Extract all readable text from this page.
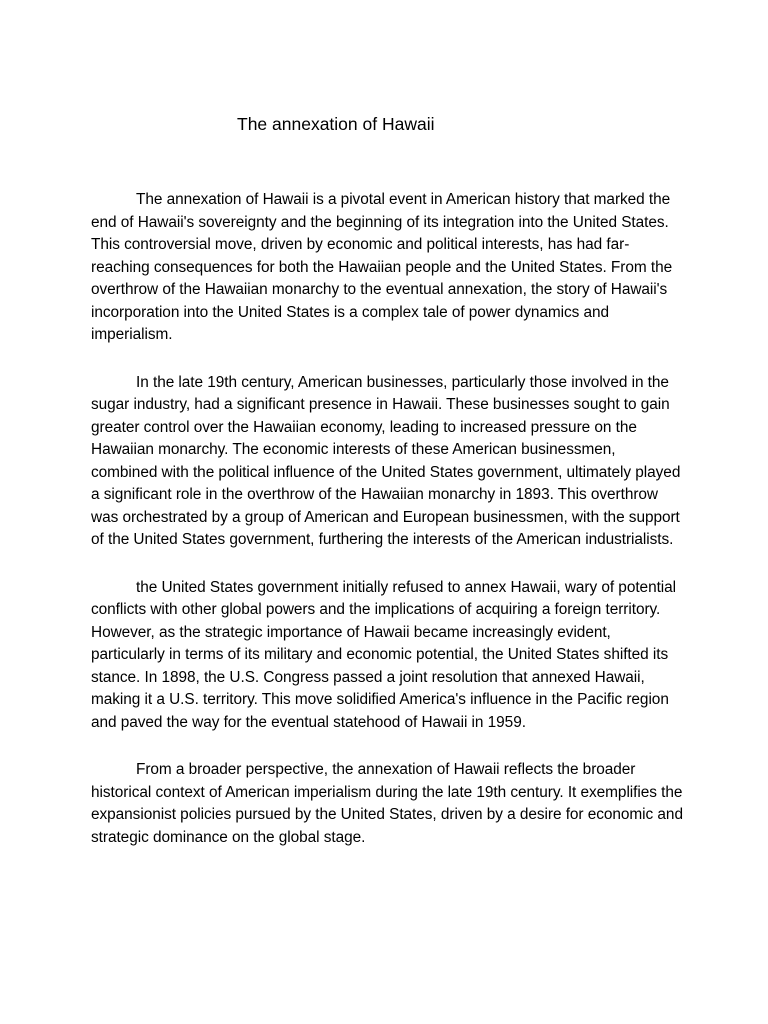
The annexation of Hawaii

The annexation of Hawaii is a pivotal event in American history that marked the end of Hawaii's sovereignty and the beginning of its integration into the United States. This controversial move, driven by economic and political interests, has had far-reaching consequences for both the Hawaiian people and the United States. From the overthrow of the Hawaiian monarchy to the eventual annexation, the story of Hawaii's incorporation into the United States is a complex tale of power dynamics and imperialism.

In the late 19th century, American businesses, particularly those involved in the sugar industry, had a significant presence in Hawaii. These businesses sought to gain greater control over the Hawaiian economy, leading to increased pressure on the Hawaiian monarchy. The economic interests of these American businessmen, combined with the political influence of the United States government, ultimately played a significant role in the overthrow of the Hawaiian monarchy in 1893. This overthrow was orchestrated by a group of American and European businessmen, with the support of the United States government, furthering the interests of the American industrialists.

the United States government initially refused to annex Hawaii, wary of potential conflicts with other global powers and the implications of acquiring a foreign territory. However, as the strategic importance of Hawaii became increasingly evident, particularly in terms of its military and economic potential, the United States shifted its stance. In 1898, the U.S. Congress passed a joint resolution that annexed Hawaii, making it a U.S. territory. This move solidified America's influence in the Pacific region and paved the way for the eventual statehood of Hawaii in 1959.

From a broader perspective, the annexation of Hawaii reflects the broader historical context of American imperialism during the late 19th century. It exemplifies the expansionist policies pursued by the United States, driven by a desire for economic and strategic dominance on the global stage.
